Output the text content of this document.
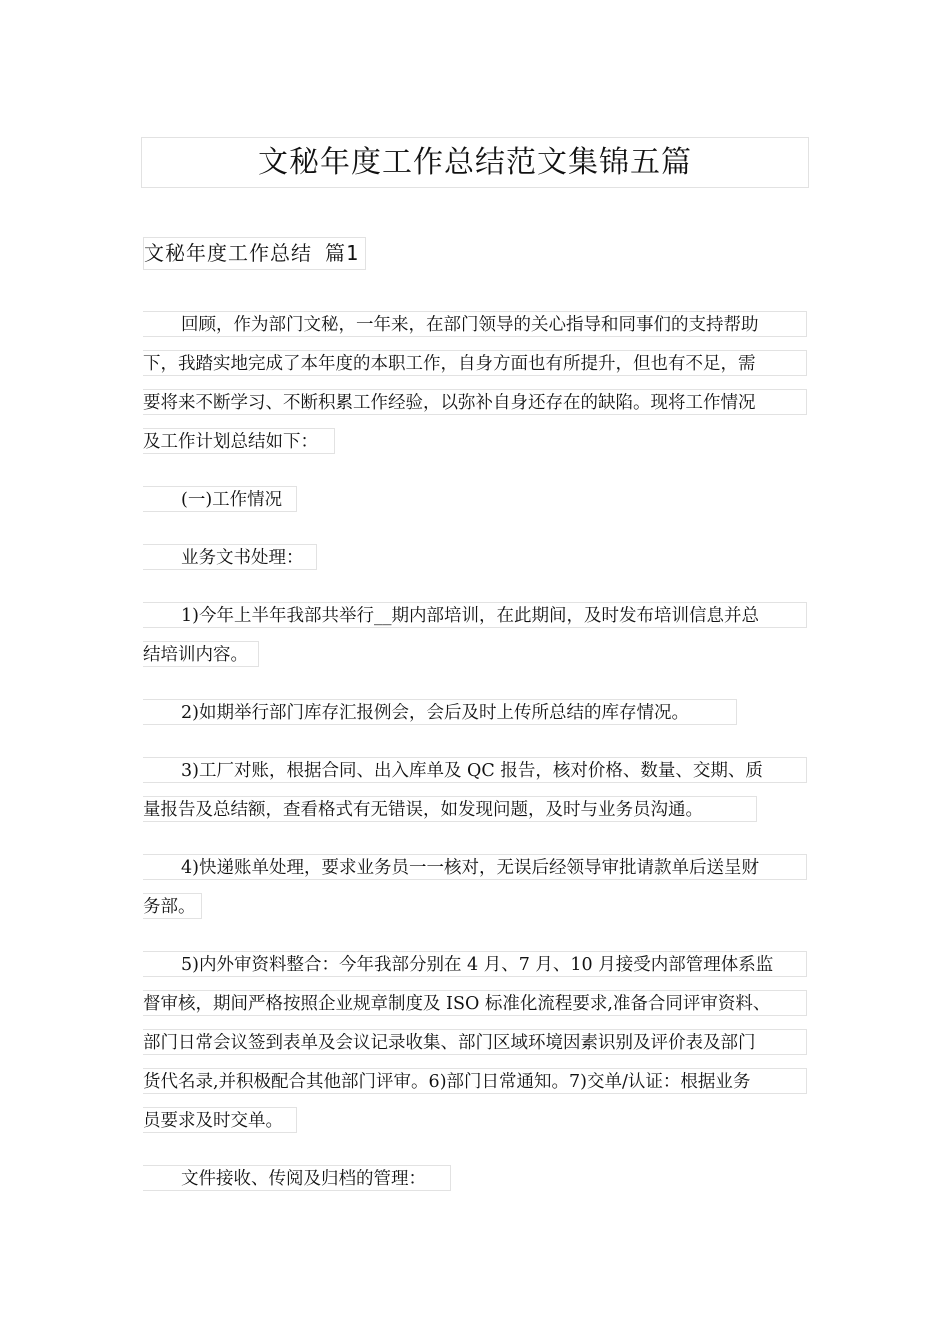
文秘年度工作总结范文集锦五篇
文秘年度工作总结 篇1
回顾，作为部门文秘，一年来，在部门领导的关心指导和同事们的支持帮助
下，我踏实地完成了本年度的本职工作，自身方面也有所提升，但也有不足，需
要将来不断学习、不断积累工作经验，以弥补自身还存在的缺陷。现将工作情况
及工作计划总结如下：
(一)工作情况
业务文书处理：
1)今年上半年我部共举行__期内部培训，在此期间，及时发布培训信息并总
结培训内容。
2)如期举行部门库存汇报例会，会后及时上传所总结的库存情况。
3)工厂对账，根据合同、出入库单及 QC 报告，核对价格、数量、交期、质
量报告及总结额，查看格式有无错误，如发现问题，及时与业务员沟通。
4)快递账单处理，要求业务员一一核对，无误后经领导审批请款单后送呈财
务部。
5)内外审资料整合：今年我部分别在 4 月、7 月、10 月接受内部管理体系监
督审核，期间严格按照企业规章制度及 ISO 标准化流程要求,准备合同评审资料、
部门日常会议签到表单及会议记录收集、部门区域环境因素识别及评价表及部门
货代名录,并积极配合其他部门评审。6)部门日常通知。7)交单/认证：根据业务
员要求及时交单。
文件接收、传阅及归档的管理：
